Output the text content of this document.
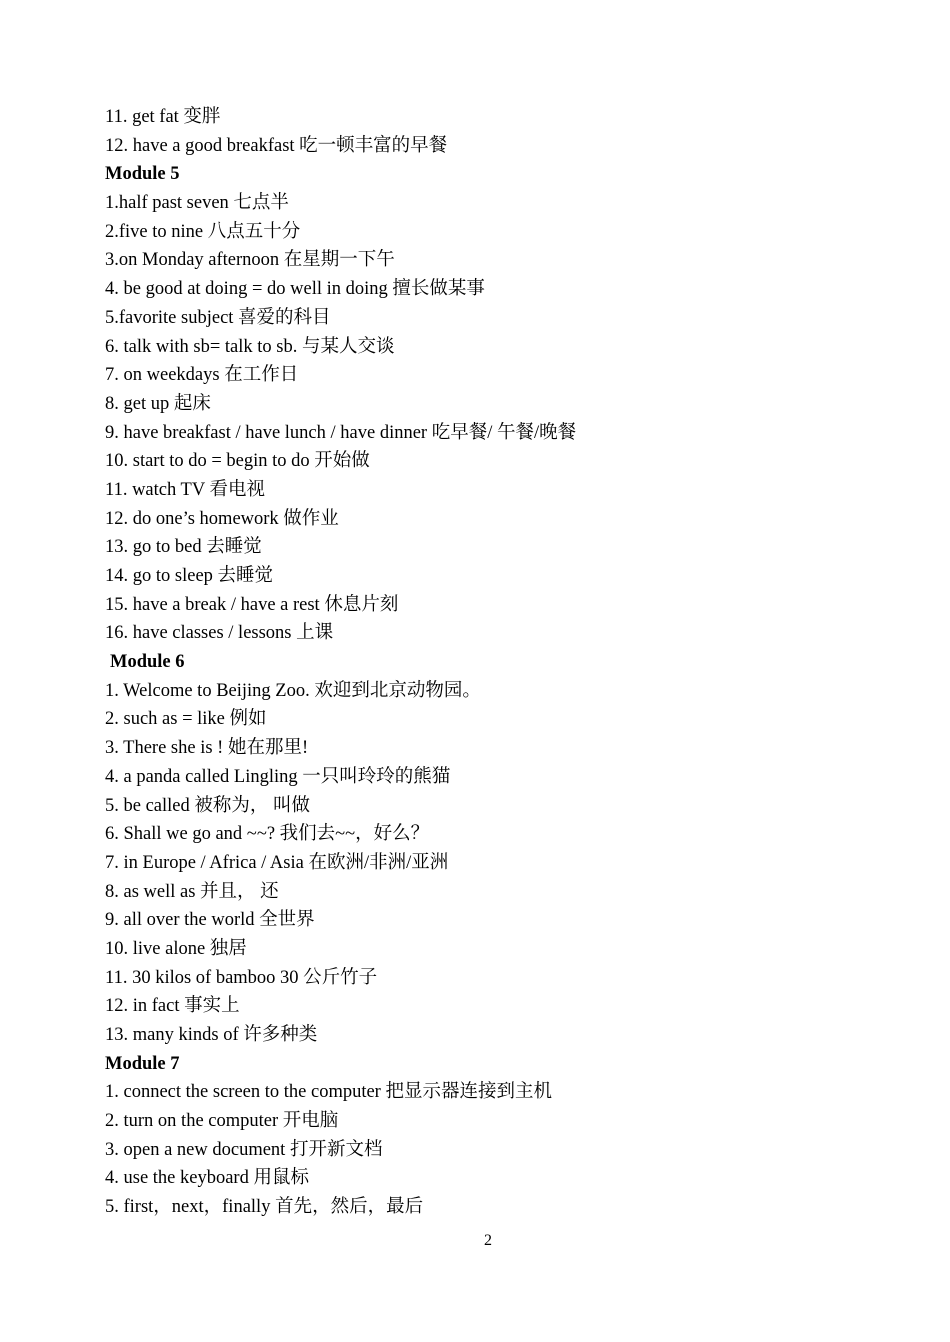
11. get fat 变胖
12. have a good breakfast 吃一顿丰富的早餐
Module 5
1.half past seven 七点半
2.five to nine 八点五十分
3.on Monday afternoon 在星期一下午
4. be good at doing = do well in doing 擅长做某事
5.favorite subject 喜爱的科目
6. talk with sb= talk to sb. 与某人交谈
7. on weekdays 在工作日
8. get up 起床
9. have breakfast / have lunch / have dinner 吃早餐/ 午餐/晚餐
10. start to do = begin to do 开始做
11. watch TV 看电视
12. do one’s homework 做作业
13. go to bed 去睡觉
14. go to sleep 去睡觉
15. have a break / have a rest 休息片刻
16. have classes / lessons 上课
Module 6
1. Welcome to Beijing Zoo. 欢迎到北京动物园。
2. such as = like 例如
3. There she is ! 她在那里!
4. a panda called Lingling 一只叫玲玲的熊猫
5. be called 被称为， 叫做
6. Shall we go and ~~? 我们去~~，好么？
7. in Europe / Africa / Asia 在欧洲/非洲/亚洲
8. as well as 并且， 还
9. all over the world 全世界
10. live alone 独居
11. 30 kilos of bamboo 30 公斤竹子
12. in fact 事实上
13. many kinds of 许多种类
Module 7
1. connect the screen to the computer 把显示器连接到主机
2. turn on the computer 开电脑
3. open a new document 打开新文档
4. use the keyboard 用鼠标
5. first，next，finally 首先，然后，最后
2
